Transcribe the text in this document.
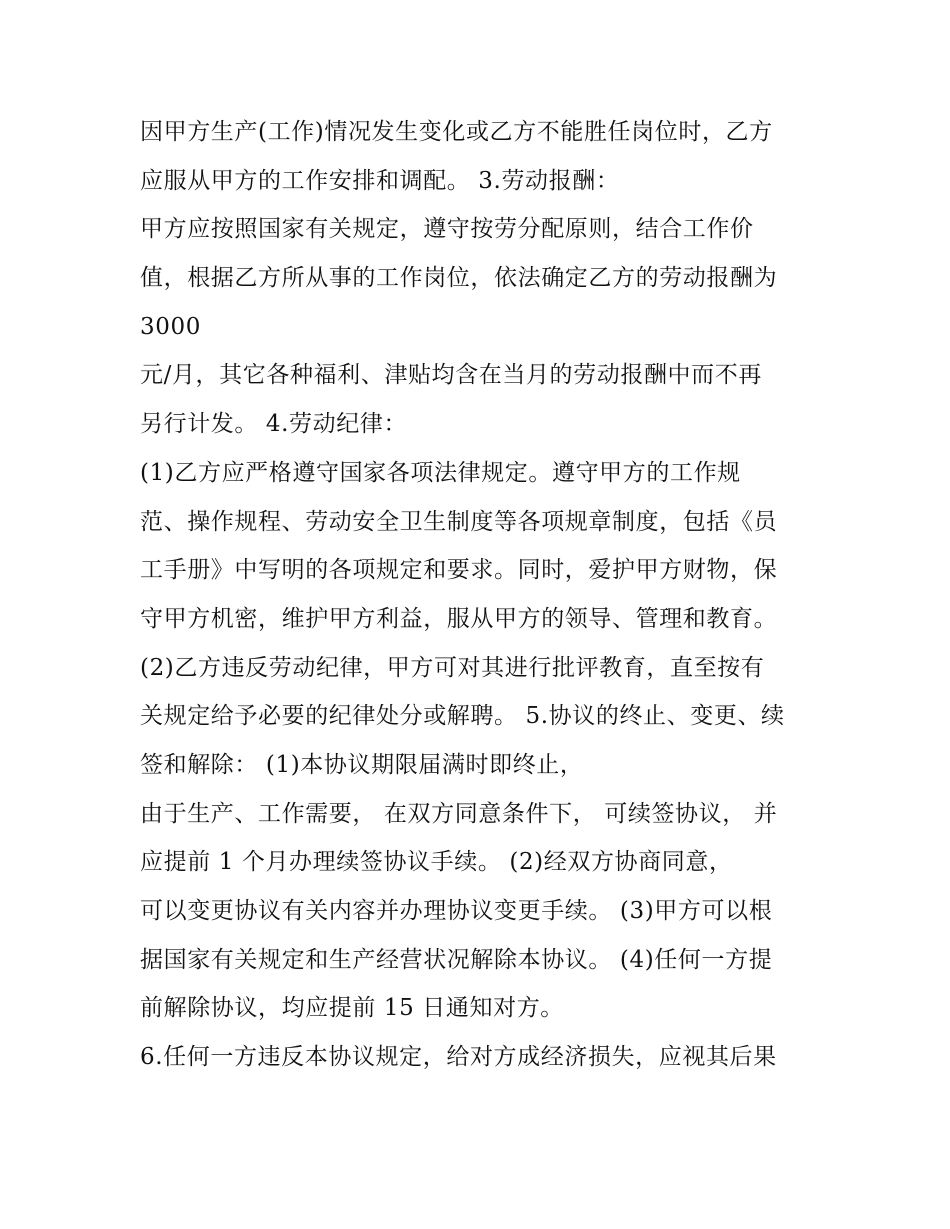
因甲方生产(工作)情况发生变化或乙方不能胜任岗位时，乙方
应服从甲方的工作安排和调配。 3.劳动报酬：
甲方应按照国家有关规定，遵守按劳分配原则，结合工作价
值，根据乙方所从事的工作岗位，依法确定乙方的劳动报酬为
3000
元/月，其它各种福利、津贴均含在当月的劳动报酬中而不再
另行计发。 4.劳动纪律：
(1)乙方应严格遵守国家各项法律规定。遵守甲方的工作规
范、操作规程、劳动安全卫生制度等各项规章制度，包括《员
工手册》中写明的各项规定和要求。同时，爱护甲方财物，保
守甲方机密，维护甲方利益，服从甲方的领导、管理和教育。
(2)乙方违反劳动纪律，甲方可对其进行批评教育，直至按有
关规定给予必要的纪律处分或解聘。 5.协议的终止、变更、续
签和解除： (1)本协议期限届满时即终止，
由于生产、工作需要， 在双方同意条件下， 可续签协议， 并
应提前 1 个月办理续签协议手续。 (2)经双方协商同意，
可以变更协议有关内容并办理协议变更手续。 (3)甲方可以根
据国家有关规定和生产经营状况解除本协议。 (4)任何一方提
前解除协议，均应提前 15 日通知对方。
6.任何一方违反本协议规定，给对方成经济损失，应视其后果
